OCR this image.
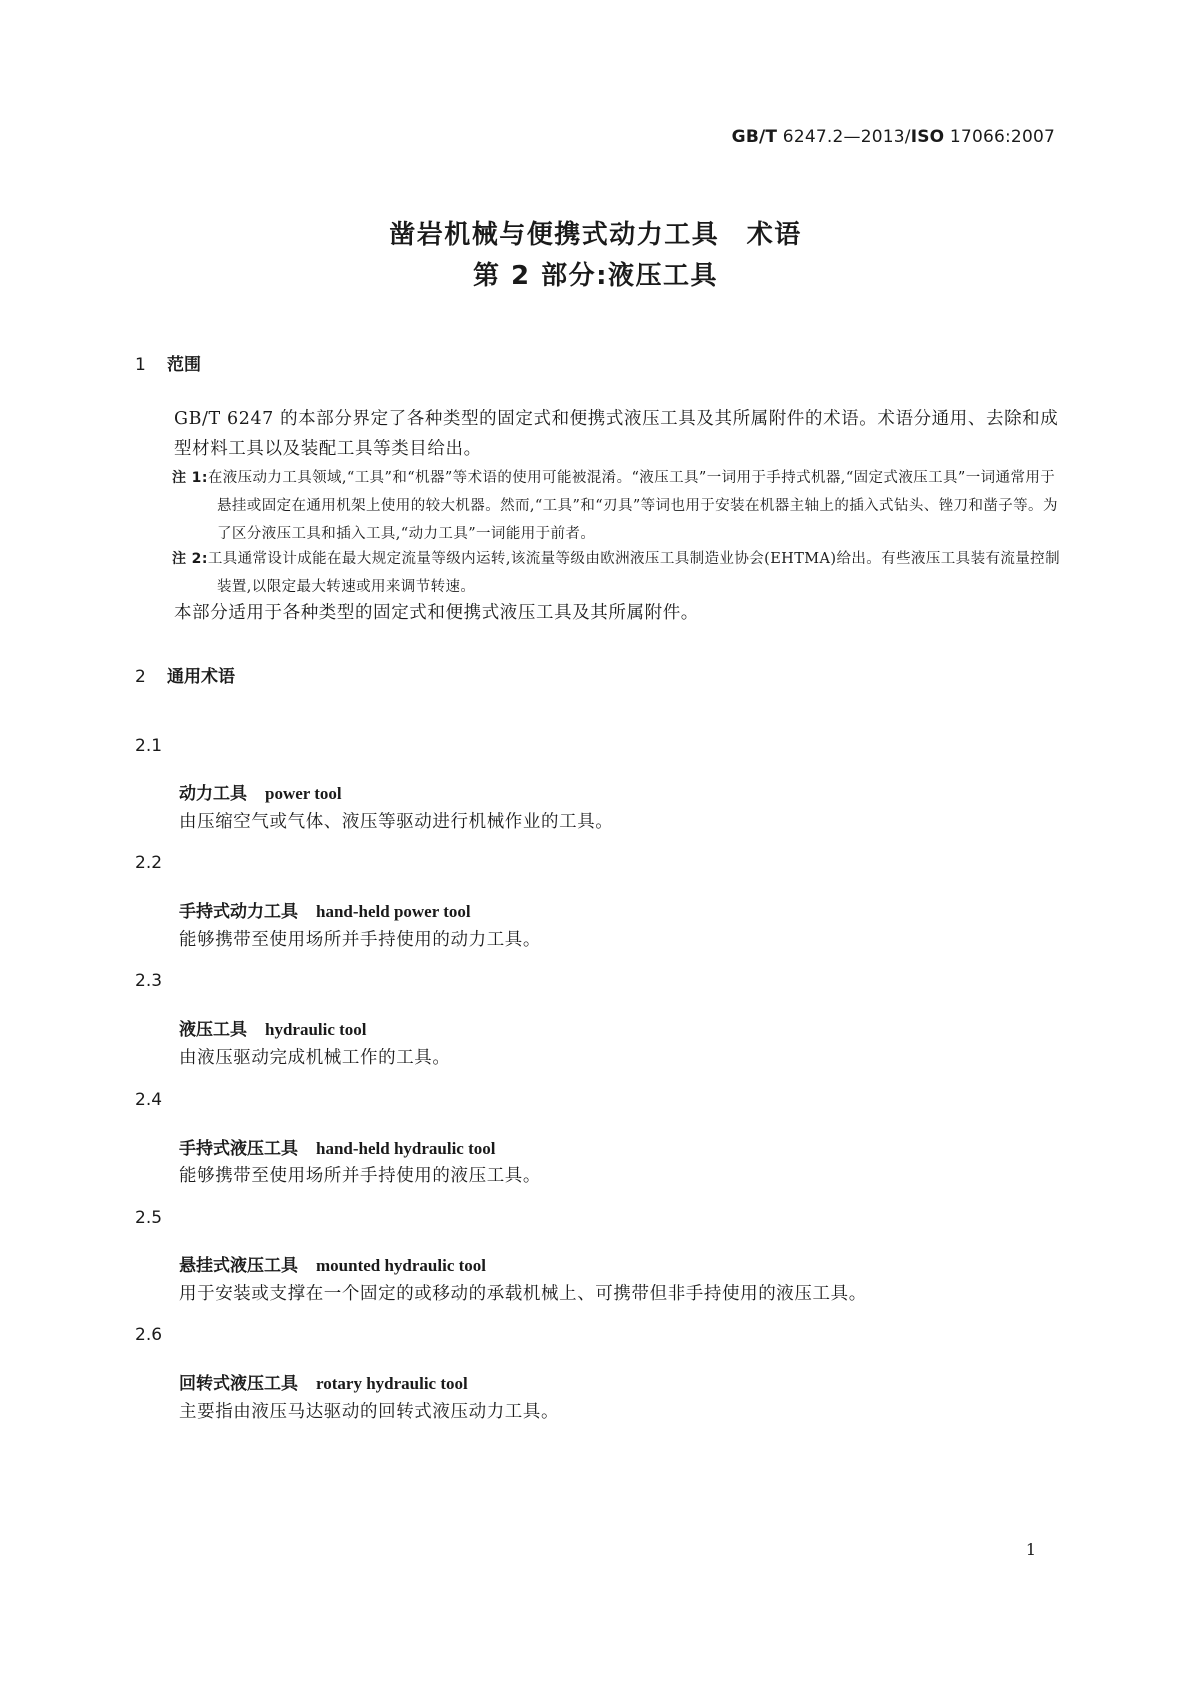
GB/T 6247.2—2013/ISO 17066:2007
凿岩机械与便携式动力工具　术语
第 2 部分:液压工具
1 范围
GB/T 6247 的本部分界定了各种类型的固定式和便携式液压工具及其所属附件的术语。术语分通用、去除和成型材料工具以及装配工具等类目给出。
注 1:在液压动力工具领域,“工具”和“机器”等术语的使用可能被混淆。“液压工具”一词用于手持式机器,“固定式液压工具”一词通常用于悬挂或固定在通用机架上使用的较大机器。然而,“工具”和“刃具”等词也用于安装在机器主轴上的插入式钻头、锉刀和凿子等。为了区分液压工具和插入工具,“动力工具”一词能用于前者。
注 2:工具通常设计成能在最大规定流量等级内运转,该流量等级由欧洲液压工具制造业协会(EHTMA)给出。有些液压工具装有流量控制装置,以限定最大转速或用来调节转速。
本部分适用于各种类型的固定式和便携式液压工具及其所属附件。
2 通用术语
2.1
动力工具 power tool
由压缩空气或气体、液压等驱动进行机械作业的工具。
2.2
手持式动力工具 hand-held power tool
能够携带至使用场所并手持使用的动力工具。
2.3
液压工具 hydraulic tool
由液压驱动完成机械工作的工具。
2.4
手持式液压工具 hand-held hydraulic tool
能够携带至使用场所并手持使用的液压工具。
2.5
悬挂式液压工具 mounted hydraulic tool
用于安装或支撑在一个固定的或移动的承载机械上、可携带但非手持使用的液压工具。
2.6
回转式液压工具 rotary hydraulic tool
主要指由液压马达驱动的回转式液压动力工具。
1
